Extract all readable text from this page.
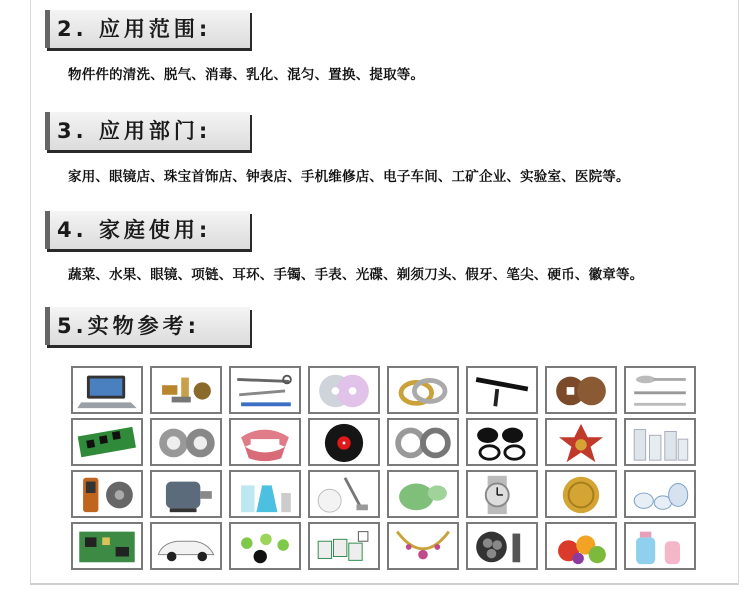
2. 应用范围:
物件件的清洗、脱气、消毒、乳化、混匀、置换、提取等。
3. 应用部门:
家用、眼镜店、珠宝首饰店、钟表店、手机维修店、电子车间、工矿企业、实验室、医院等。
4. 家庭使用:
蔬菜、水果、眼镜、项链、耳环、手镯、手表、光碟、剃须刀头、假牙、笔尖、硬币、徽章等。
5.实物参考:
